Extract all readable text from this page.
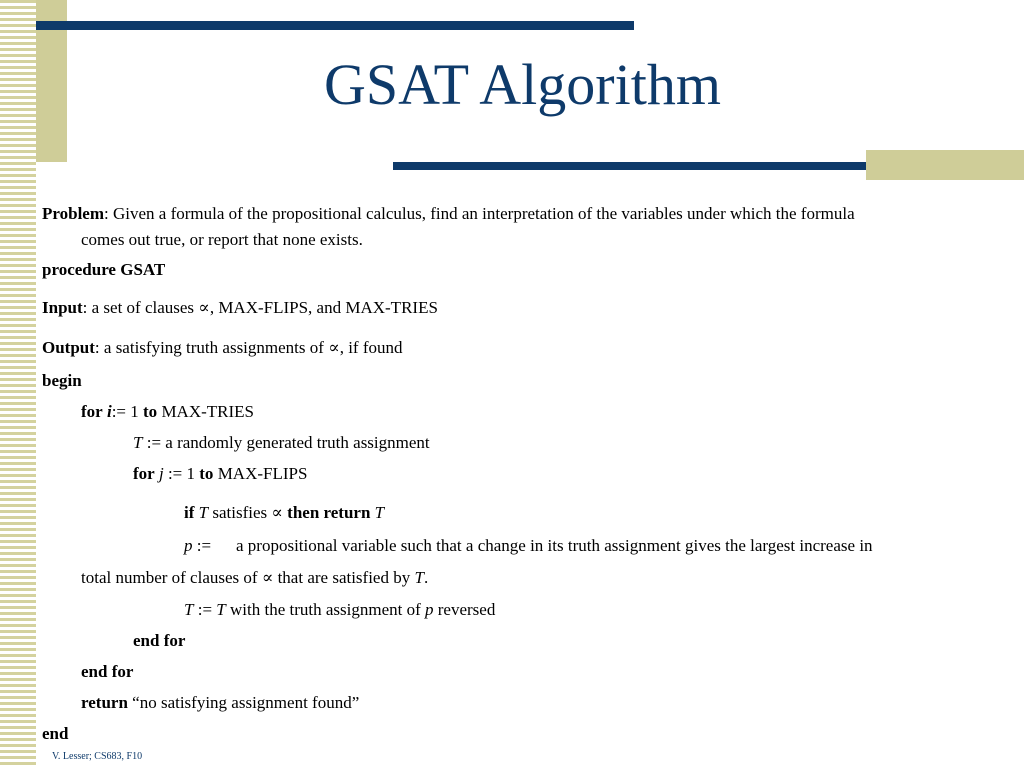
GSAT Algorithm
Problem: Given a formula of the propositional calculus, find an interpretation of the variables under which the formula
comes out true, or report that none exists.
procedure GSAT
Input: a set of clauses ∝, MAX-FLIPS, and MAX-TRIES
Output: a satisfying truth assignments of ∝, if found
begin
for i:= 1 to MAX-TRIES
T := a randomly generated truth assignment
for j := 1 to MAX-FLIPS
if T satisfies ∝ then return T
p := a propositional variable such that a change in its truth assignment gives the largest increase in
total number of clauses of ∝ that are satisfied by T.
T := T with the truth assignment of p reversed
end for
end for
return “no satisfying assignment found”
end
V. Lesser; CS683, F10
